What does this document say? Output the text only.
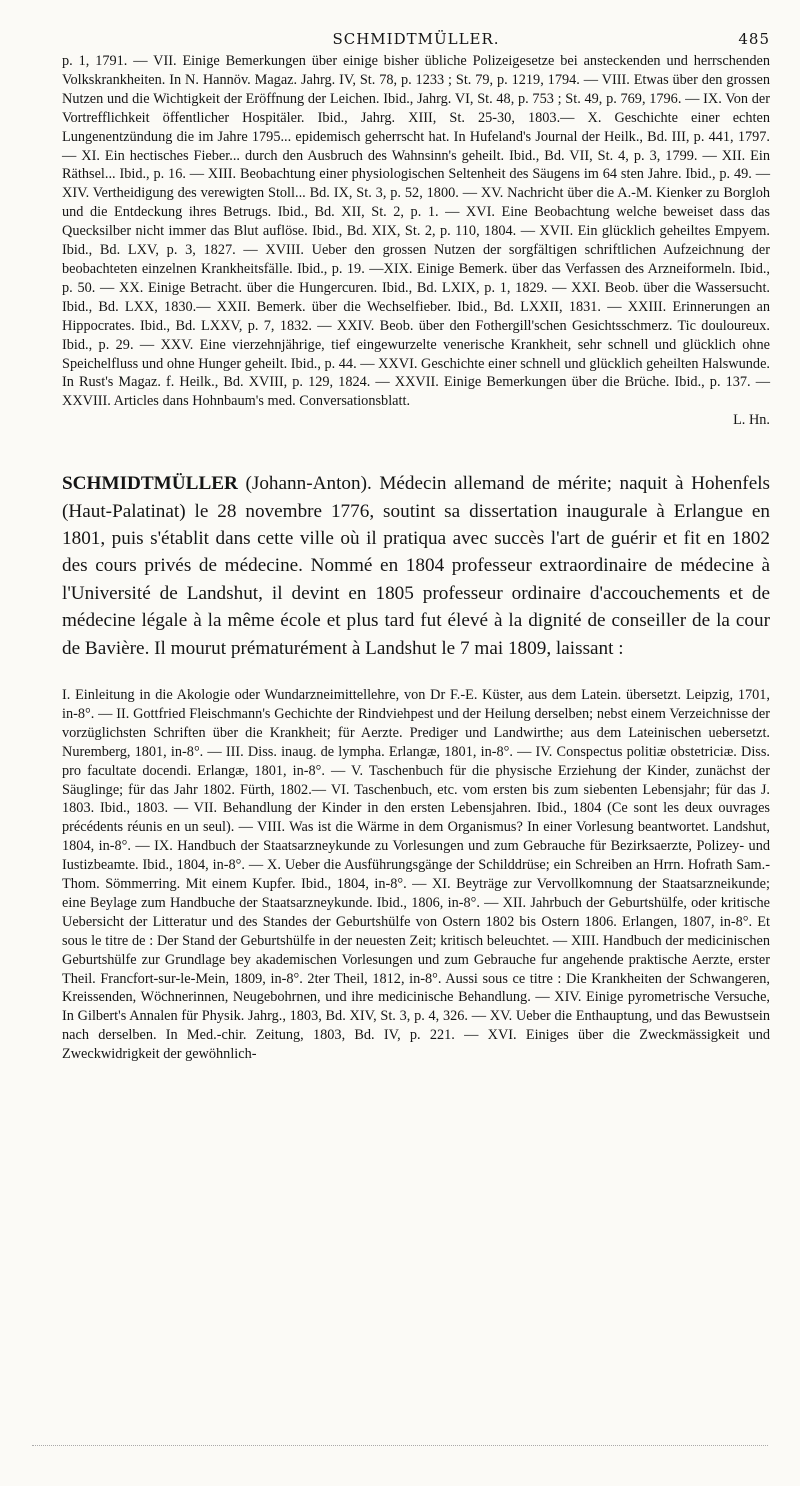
SCHMIDTMÜLLER.	485

p. 1, 1791. — VII. Einige Bemerkungen über einige bisher übliche Polizeigesetze bei ansteckenden und herrschenden Volkskrankheiten. In N. Hannöv. Magaz. Jahrg. IV, St. 78, p. 1233 ; St. 79, p. 1219, 1794. — VIII. Etwas über den grossen Nutzen und die Wichtigkeit der Eröffnung der Leichen. Ibid., Jahrg. VI, St. 48, p. 753 ; St. 49, p. 769, 1796. — IX. Von der Vortrefflichkeit öffentlicher Hospitäler. Ibid., Jahrg. XIII, St. 25-30, 1803.— X. Geschichte einer echten Lungenentzündung die im Jahre 1795... epidemisch geherrscht hat. In Hufeland's Journal der Heilk., Bd. III, p. 441, 1797. — XI. Ein hectisches Fieber... durch den Ausbruch des Wahnsinn's geheilt. Ibid., Bd. VII, St. 4, p. 3, 1799. — XII. Ein Räthsel... Ibid., p. 16. — XIII. Beobachtung einer physiologischen Seltenheit des Säugens im 64 sten Jahre. Ibid., p. 49. — XIV. Vertheidigung des verewigten Stoll... Bd. IX, St. 3, p. 52, 1800. — XV. Nachricht über die A.-M. Kienker zu Borgloh und die Entdeckung ihres Betrugs. Ibid., Bd. XII, St. 2, p. 1. — XVI. Eine Beobachtung welche beweiset dass das Quecksilber nicht immer das Blut auflöse. Ibid., Bd. XIX, St. 2, p. 110, 1804. — XVII. Ein glücklich geheiltes Empyem. Ibid., Bd. LXV, p. 3, 1827. — XVIII. Ueber den grossen Nutzen der sorgfältigen schriftlichen Aufzeichnung der beobachteten einzelnen Krankheitsfälle. Ibid., p. 19. —XIX. Einige Bemerk. über das Verfassen des Arzneiformeln. Ibid., p. 50. — XX. Einige Betracht. über die Hungercuren. Ibid., Bd. LXIX, p. 1, 1829. — XXI. Beob. über die Wassersucht. Ibid., Bd. LXX, 1830.— XXII. Bemerk. über die Wechselfieber. Ibid., Bd. LXXII, 1831. — XXIII. Erinnerungen an Hippocrates. Ibid., Bd. LXXV, p. 7, 1832. — XXIV. Beob. über den Fothergill'schen Gesichtsschmerz. Tic douloureux. Ibid., p. 29. — XXV. Eine vierzehnjährige, tief eingewurzelte venerische Krankheit, sehr schnell und glücklich ohne Speichelfluss und ohne Hunger geheilt. Ibid., p. 44. — XXVI. Geschichte einer schnell und glücklich geheilten Halswunde. In Rust's Magaz. f. Heilk., Bd. XVIII, p. 129, 1824. — XXVII. Einige Bemerkungen über die Brüche. Ibid., p. 137. — XXVIII. Articles dans Hohnbaum's med. Conversationsblatt.

L. Hn.

SCHMIDTMÜLLER (Johann-Anton). Médecin allemand de mérite; naquit à Hohenfels (Haut-Palatinat) le 28 novembre 1776, soutint sa dissertation inaugurale à Erlangue en 1801, puis s'établit dans cette ville où il pratiqua avec succès l'art de guérir et fit en 1802 des cours privés de médecine. Nommé en 1804 professeur extraordinaire de médecine à l'Université de Landshut, il devint en 1805 professeur ordinaire d'accouchements et de médecine légale à la même école et plus tard fut élevé à la dignité de conseiller de la cour de Bavière. Il mourut prématurément à Landshut le 7 mai 1809, laissant :

I. Einleitung in die Akologie oder Wundarzneimittellehre, von Dr F.-E. Küster, aus dem Latein. übersetzt. Leipzig, 1701, in-8°. — II. Gottfried Fleischmann's Gechichte der Rindviehpest und der Heilung derselben; nebst einem Verzeichnisse der vorzüglichsten Schriften über die Krankheit; für Aerzte. Prediger und Landwirthe; aus dem Lateinischen uebersetzt. Nuremberg, 1801, in-8°. — III. Diss. inaug. de lympha. Erlangæ, 1801, in-8°. — IV. Conspectus politiæ obstetriciæ. Diss. pro facultate docendi. Erlangæ, 1801, in-8°. — V. Taschenbuch für die physische Erziehung der Kinder, zunächst der Säuglinge; für das Jahr 1802. Fürth, 1802.— VI. Taschenbuch, etc. vom ersten bis zum siebenten Lebensjahr; für das J. 1803. Ibid., 1803. — VII. Behandlung der Kinder in den ersten Lebensjahren. Ibid., 1804 (Ce sont les deux ouvrages précédents réunis en un seul). — VIII. Was ist die Wärme in dem Organismus? In einer Vorlesung beantwortet. Landshut, 1804, in-8°. — IX. Handbuch der Staatsarzneykunde zu Vorlesungen und zum Gebrauche für Bezirksaerzte, Polizey- und Iustizbeamte. Ibid., 1804, in-8°. — X. Ueber die Ausführungsgänge der Schilddrüse; ein Schreiben an Hrrn. Hofrath Sam.-Thom. Sömmerring. Mit einem Kupfer. Ibid., 1804, in-8°. — XI. Beyträge zur Vervollkomnung der Staatsarzneikunde; eine Beylage zum Handbuche der Staatsarzneykunde. Ibid., 1806, in-8°. — XII. Jahrbuch der Geburtshülfe, oder kritische Uebersicht der Litteratur und des Standes der Geburtshülfe von Ostern 1802 bis Ostern 1806. Erlangen, 1807, in-8°. Et sous le titre de : Der Stand der Geburtshülfe in der neuesten Zeit; kritisch beleuchtet. — XIII. Handbuch der medicinischen Geburtshülfe zur Grundlage bey akademischen Vorlesungen und zum Gebrauche fur angehende praktische Aerzte, erster Theil. Francfort-sur-le-Mein, 1809, in-8°. 2ter Theil, 1812, in-8°. Aussi sous ce titre : Die Krankheiten der Schwangeren, Kreissenden, Wöchnerinnen, Neugebohrnen, und ihre medicinische Behandlung. — XIV. Einige pyrometrische Versuche, In Gilbert's Annalen für Physik. Jahrg., 1803, Bd. XIV, St. 3, p. 4, 326. — XV. Ueber die Enthauptung, und das Bewustsein nach derselben. In Med.-chir. Zeitung, 1803, Bd. IV, p. 221. — XVI. Einiges über die Zweckmässigkeit und Zweckwidrigkeit der gewöhnlich-
